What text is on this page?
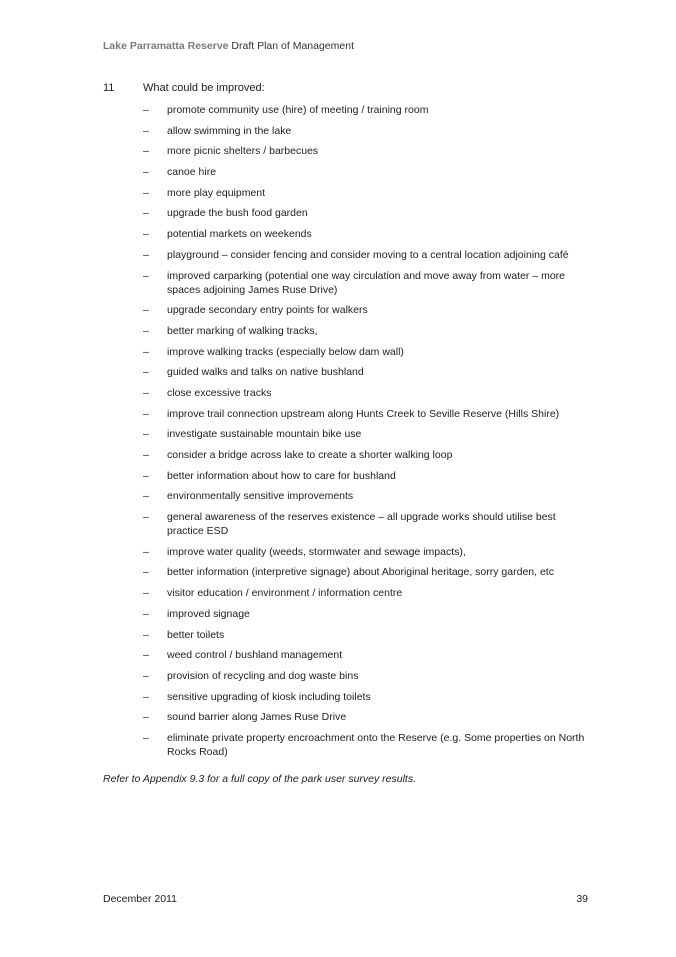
Lake Parramatta Reserve Draft Plan of Management
11	What could be improved:
– promote community use (hire) of meeting / training room
– allow swimming in the lake
– more picnic shelters / barbecues
– canoe hire
– more play equipment
– upgrade the bush food garden
– potential markets on weekends
– playground – consider fencing and consider moving to a central location adjoining café
– improved carparking (potential one way circulation and move away from water – more spaces adjoining James Ruse Drive)
– upgrade secondary entry points for walkers
– better marking of walking tracks,
– improve walking tracks (especially below dam wall)
– guided walks and talks on native bushland
– close excessive tracks
– improve trail connection upstream along Hunts Creek to Seville Reserve (Hills Shire)
– investigate sustainable mountain bike use
– consider a bridge across lake to create a shorter walking loop
– better information about how to care for bushland
– environmentally sensitive improvements
– general awareness of the reserves existence – all upgrade works should utilise best practice ESD
– improve water quality (weeds, stormwater and sewage impacts),
– better information (interpretive signage) about Aboriginal heritage, sorry garden, etc
– visitor education / environment / information centre
– improved signage
– better toilets
– weed control / bushland management
– provision of recycling and dog waste bins
– sensitive upgrading of kiosk including toilets
– sound barrier along James Ruse Drive
– eliminate private property encroachment onto the Reserve (e.g. Some properties on North Rocks Road)
Refer to Appendix 9.3 for a full copy of the park user survey results.
December 2011	39
